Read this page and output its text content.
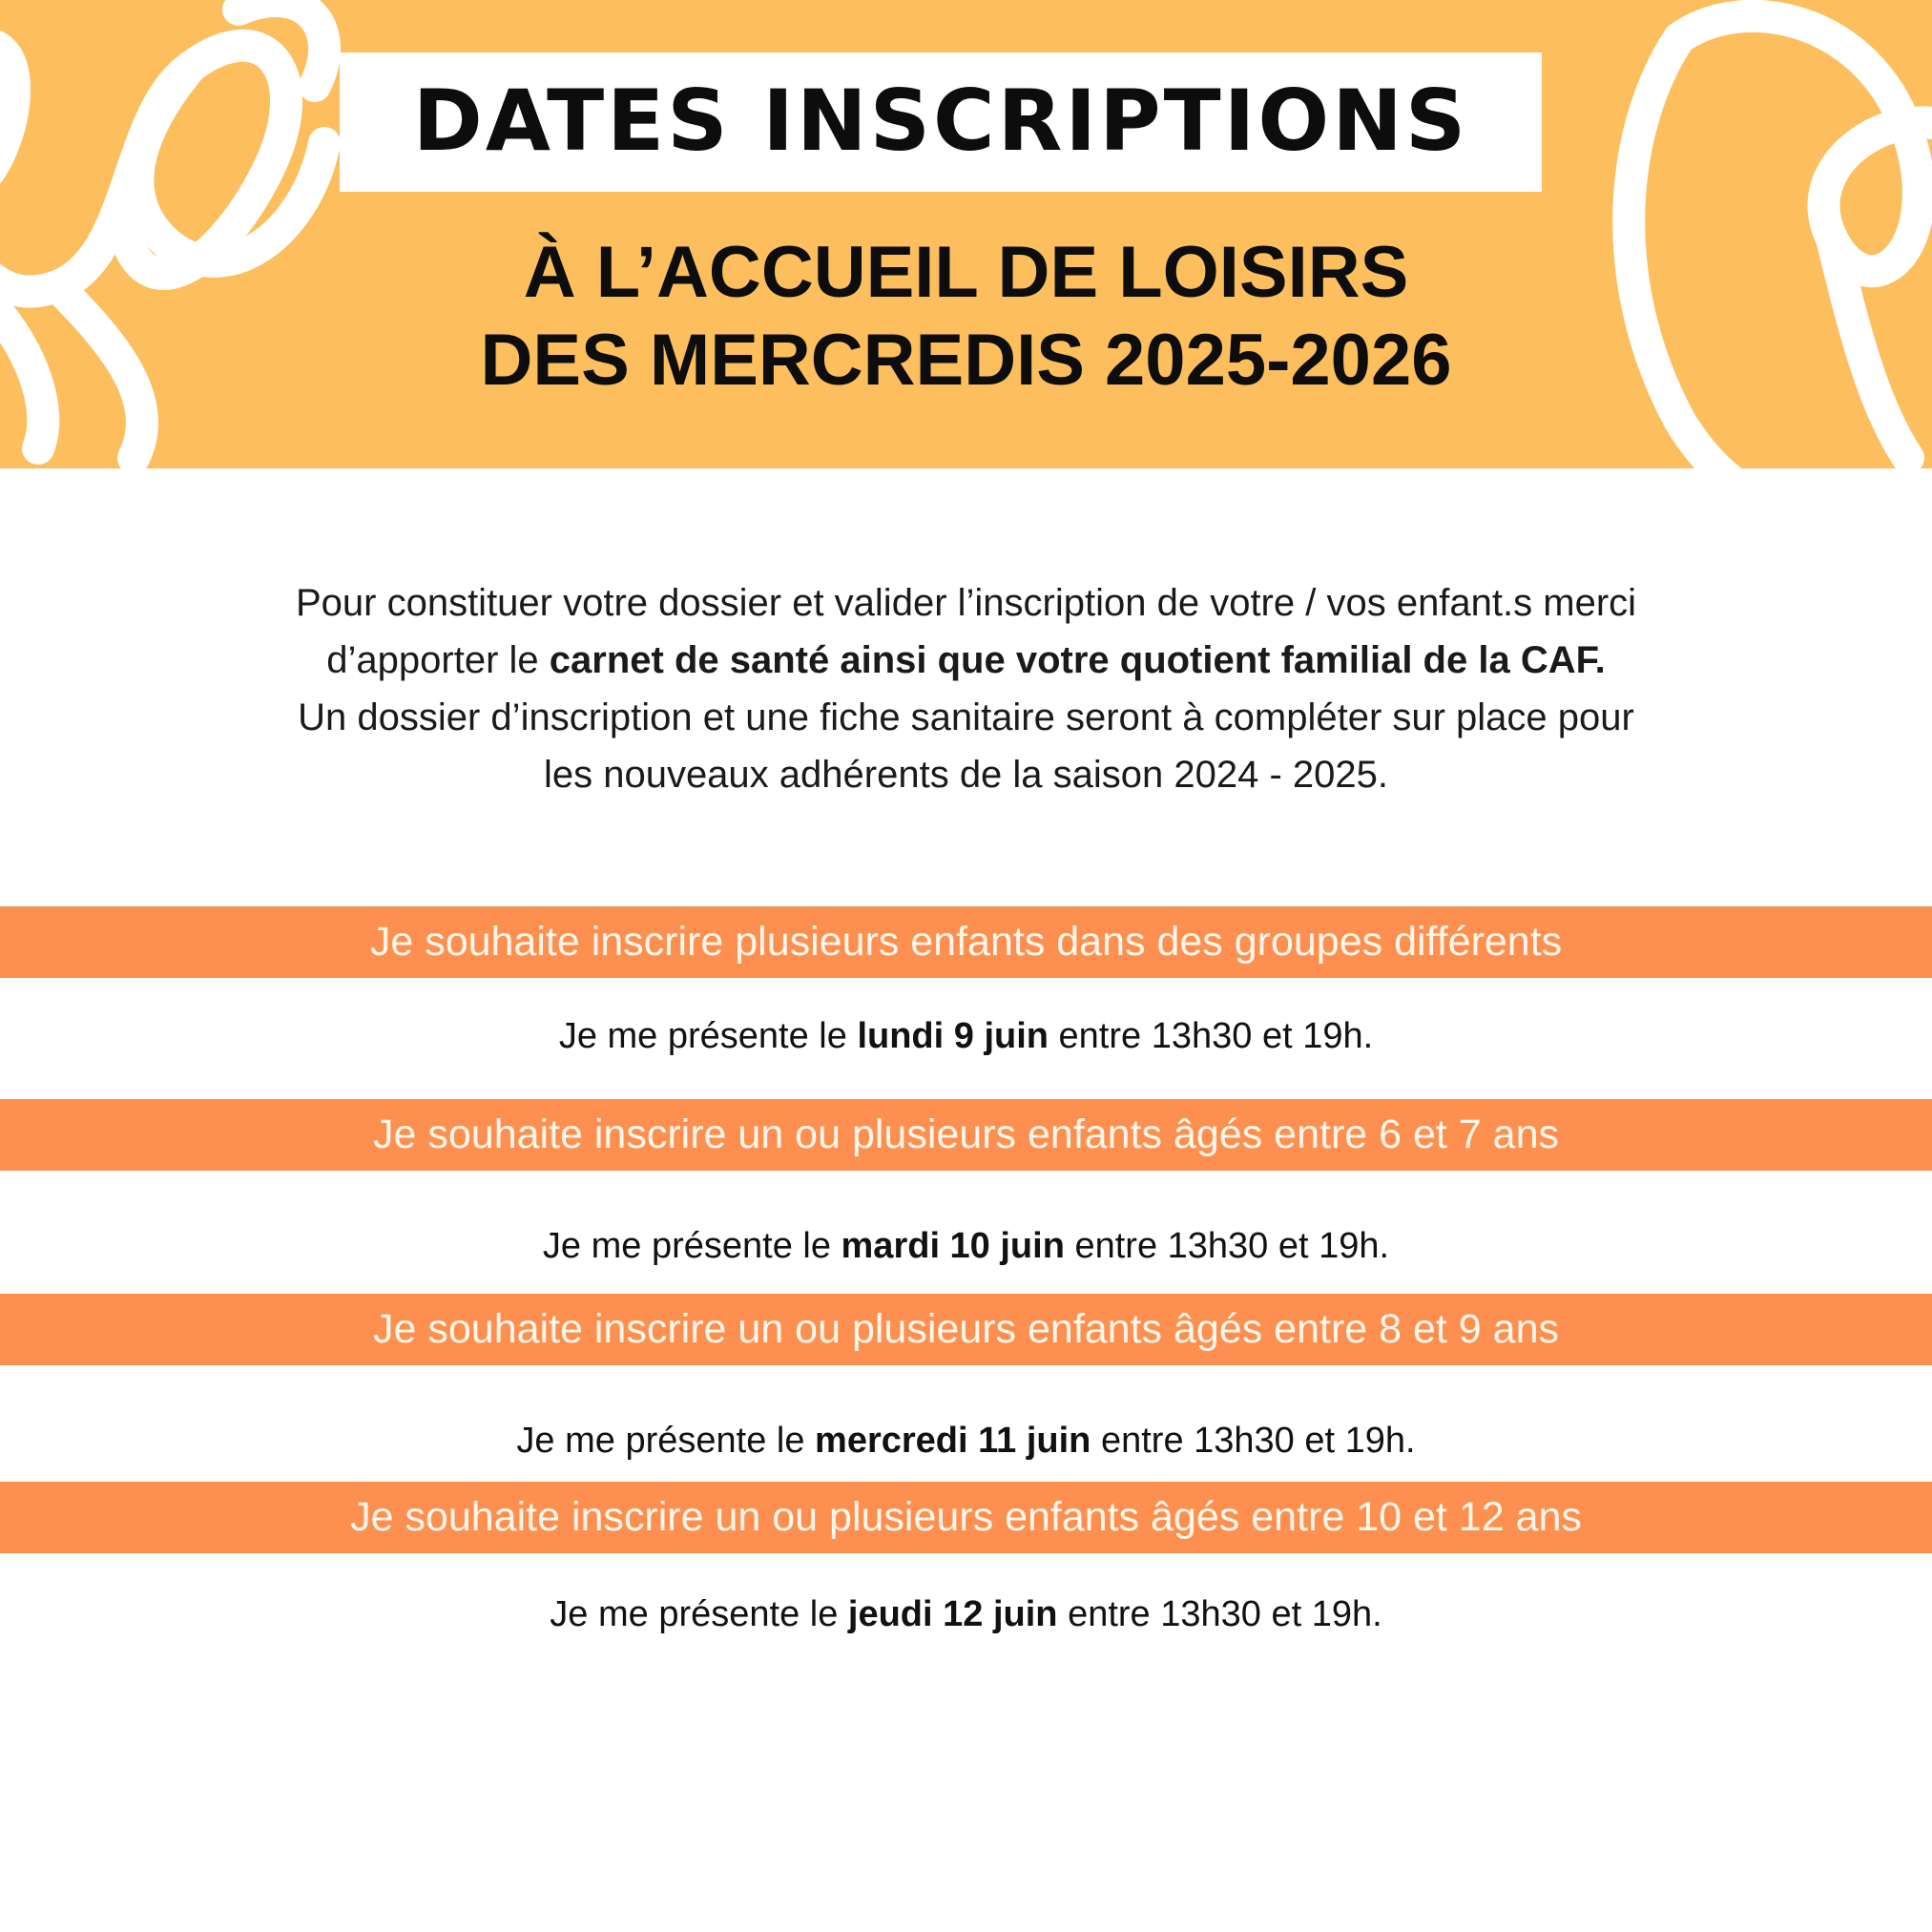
DATES INSCRIPTIONS
À L’ACCUEIL DE LOISIRS
DES MERCREDIS 2025-2026

Pour constituer votre dossier et valider l’inscription de votre / vos enfant.s merci
d’apporter le carnet de santé ainsi que votre quotient familial de la CAF.
Un dossier d’inscription et une fiche sanitaire seront à compléter sur place pour
les nouveaux adhérents de la saison 2024 - 2025.

Je souhaite inscrire plusieurs enfants dans des groupes différents
Je me présente le lundi 9 juin entre 13h30 et 19h.
Je souhaite inscrire un ou plusieurs enfants âgés entre 6 et 7 ans
Je me présente le mardi 10 juin entre 13h30 et 19h.
Je souhaite inscrire un ou plusieurs enfants âgés entre 8 et 9 ans
Je me présente le mercredi 11 juin entre 13h30 et 19h.
Je souhaite inscrire un ou plusieurs enfants âgés entre 10 et 12 ans
Je me présente le jeudi 12 juin entre 13h30 et 19h.
